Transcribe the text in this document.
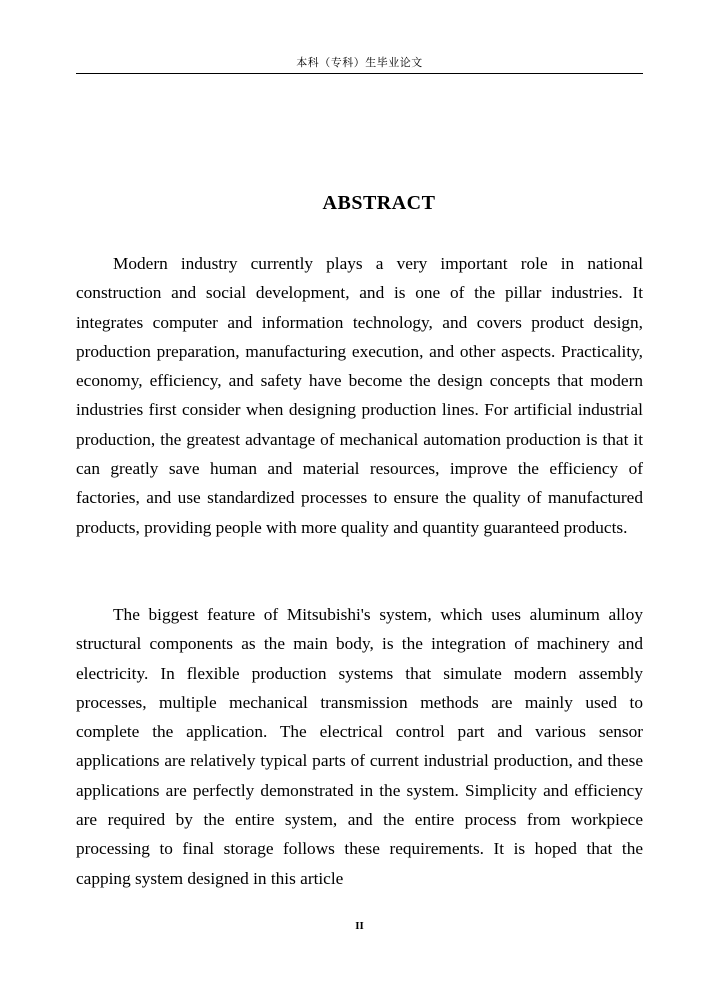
本科（专科）生毕业论文
ABSTRACT

Modern industry currently plays a very important role in national construction and social development, and is one of the pillar industries. It integrates computer and information technology, and covers product design, production preparation, manufacturing execution, and other aspects. Practicality, economy, efficiency, and safety have become the design concepts that modern industries first consider when designing production lines. For artificial industrial production, the greatest advantage of mechanical automation production is that it can greatly save human and material resources, improve the efficiency of factories, and use standardized processes to ensure the quality of manufactured products, providing people with more quality and quantity guaranteed products.

The biggest feature of Mitsubishi's system, which uses aluminum alloy structural components as the main body, is the integration of machinery and electricity. In flexible production systems that simulate modern assembly processes, multiple mechanical transmission methods are mainly used to complete the application. The electrical control part and various sensor applications are relatively typical parts of current industrial production, and these applications are perfectly demonstrated in the system. Simplicity and efficiency are required by the entire system, and the entire process from workpiece processing to final storage follows these requirements. It is hoped that the capping system designed in this article

II
